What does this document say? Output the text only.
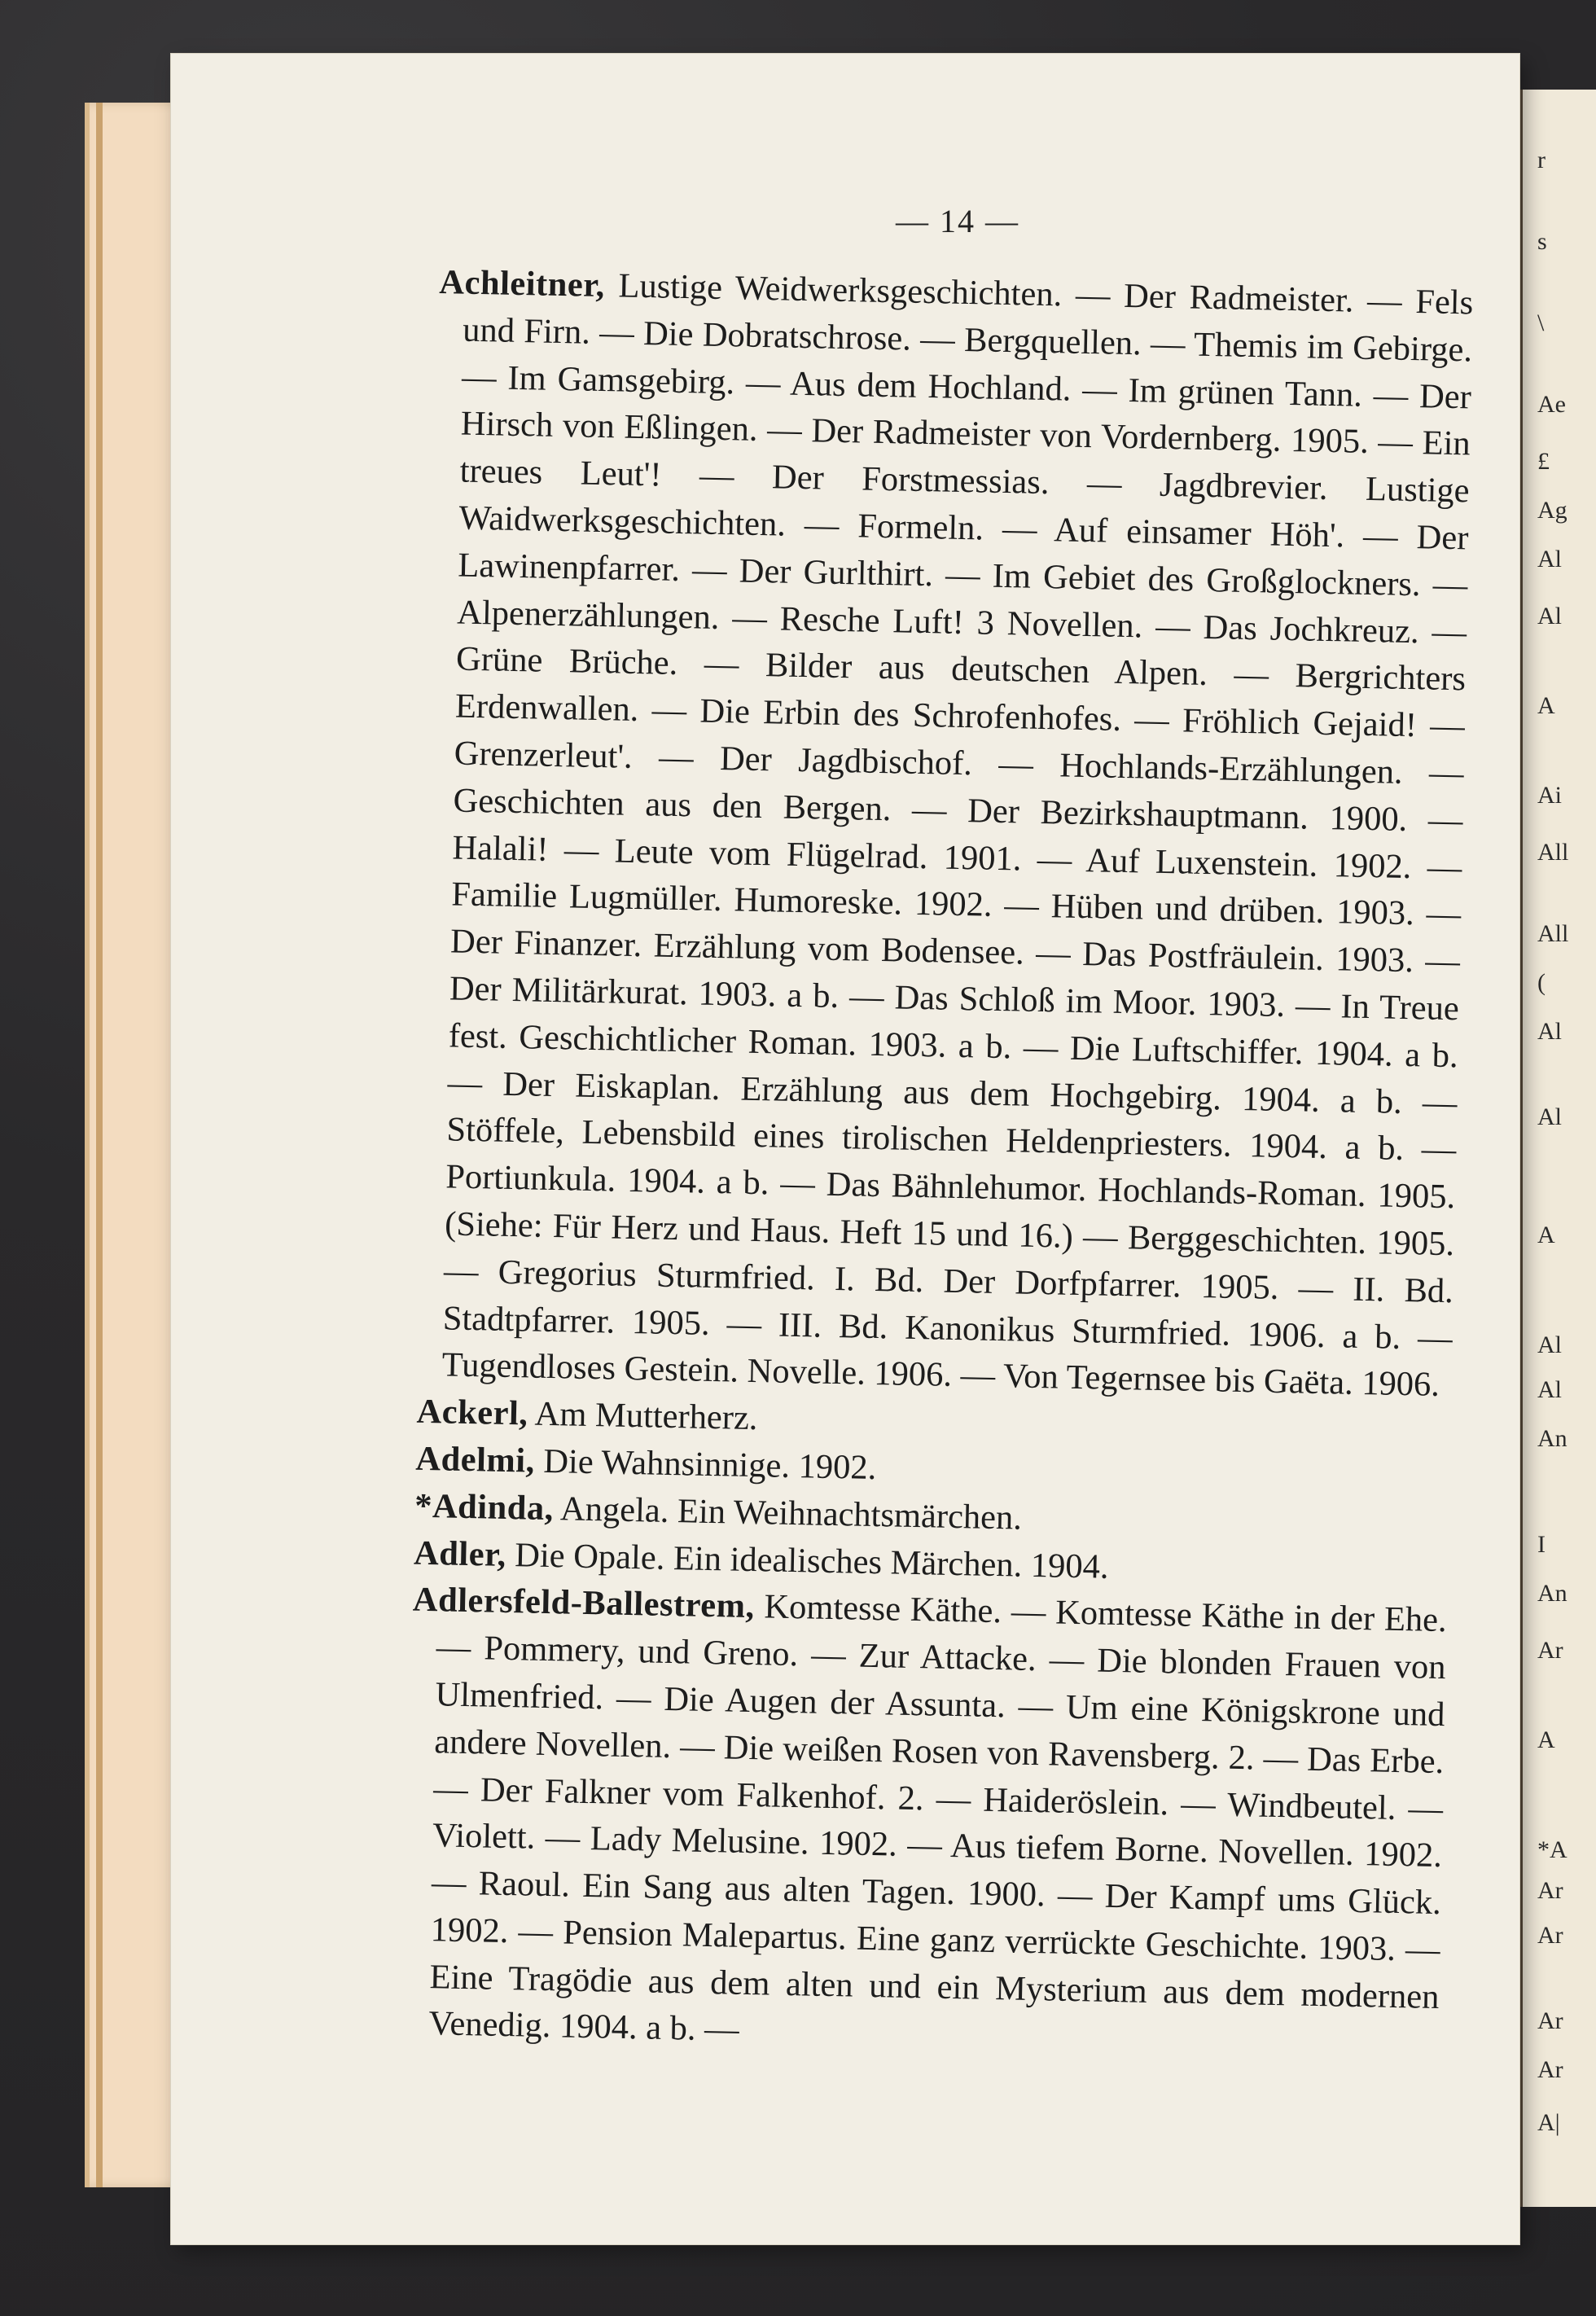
r
s
\
Ae
£
Ag
Al
Al
A
Ai
All
All
(
Al
Al
A
Al
Al
An
I
An
Ar
A
*A
Ar
Ar
Ar
Ar
A|
— 14 —

Achleitner, Lustige Weidwerksgeschichten. — Der Radmeister. — Fels und Firn. — Die Dobratschrose. — Bergquellen. — Themis im Gebirge. — Im Gamsgebirg. — Aus dem Hochland. — Im grünen Tann. — Der Hirsch von Eßlingen. — Der Radmeister von Vordernberg. 1905. — Ein treues Leut'! — Der Forstmessias. — Jagdbrevier. Lustige Waidwerksgeschichten. — Formeln. — Auf einsamer Höh'. — Der Lawinenpfarrer. — Der Gurlthirt. — Im Gebiet des Großglockners. — Alpenerzählungen. — Resche Luft! 3 Novellen. — Das Jochkreuz. — Grüne Brüche. — Bilder aus deutschen Alpen. — Bergrichters Erdenwallen. — Die Erbin des Schrofenhofes. — Fröhlich Gejaid! — Grenzerleut'. — Der Jagdbischof. — Hochlands-Erzählungen. — Geschichten aus den Bergen. — Der Bezirkshauptmann. 1900. — Halali! — Leute vom Flügelrad. 1901. — Auf Luxenstein. 1902. — Familie Lugmüller. Humoreske. 1902. — Hüben und drüben. 1903. — Der Finanzer. Erzählung vom Bodensee. — Das Postfräulein. 1903. — Der Militärkurat. 1903. a b. — Das Schloß im Moor. 1903. — In Treue fest. Geschichtlicher Roman. 1903. a b. — Die Luftschiffer. 1904. a b. — Der Eiskaplan. Erzählung aus dem Hochgebirg. 1904. a b. — Stöffele, Lebensbild eines tirolischen Heldenpriesters. 1904. a b. — Portiunkula. 1904. a b. — Das Bähnlehumor. Hochlands-Roman. 1905. (Siehe: Für Herz und Haus. Heft 15 und 16.) — Berggeschichten. 1905. — Gregorius Sturmfried. I. Bd. Der Dorfpfarrer. 1905. — II. Bd. Stadtpfarrer. 1905. — III. Bd. Kanonikus Sturmfried. 1906. a b. — Tugendloses Gestein. Novelle. 1906. — Von Tegernsee bis Gaëta. 1906.

Ackerl, Am Mutterherz.

Adelmi, Die Wahnsinnige. 1902.

*Adinda, Angela. Ein Weihnachtsmärchen.

Adler, Die Opale. Ein idealisches Märchen. 1904.

Adlersfeld-Ballestrem, Komtesse Käthe. — Komtesse Käthe in der Ehe. — Pommery, und Greno. — Zur Attacke. — Die blonden Frauen von Ulmenfried. — Die Augen der Assunta. — Um eine Königskrone und andere Novellen. — Die weißen Rosen von Ravensberg. 2. — Das Erbe. — Der Falkner vom Falkenhof. 2. — Haideröslein. — Windbeutel. — Violett. — Lady Melusine. 1902. — Aus tiefem Borne. Novellen. 1902. — Raoul. Ein Sang aus alten Tagen. 1900. — Der Kampf ums Glück. 1902. — Pension Malepartus. Eine ganz verrückte Geschichte. 1903. — Eine Tragödie aus dem alten und ein Mysterium aus dem modernen Venedig. 1904. a b. —
